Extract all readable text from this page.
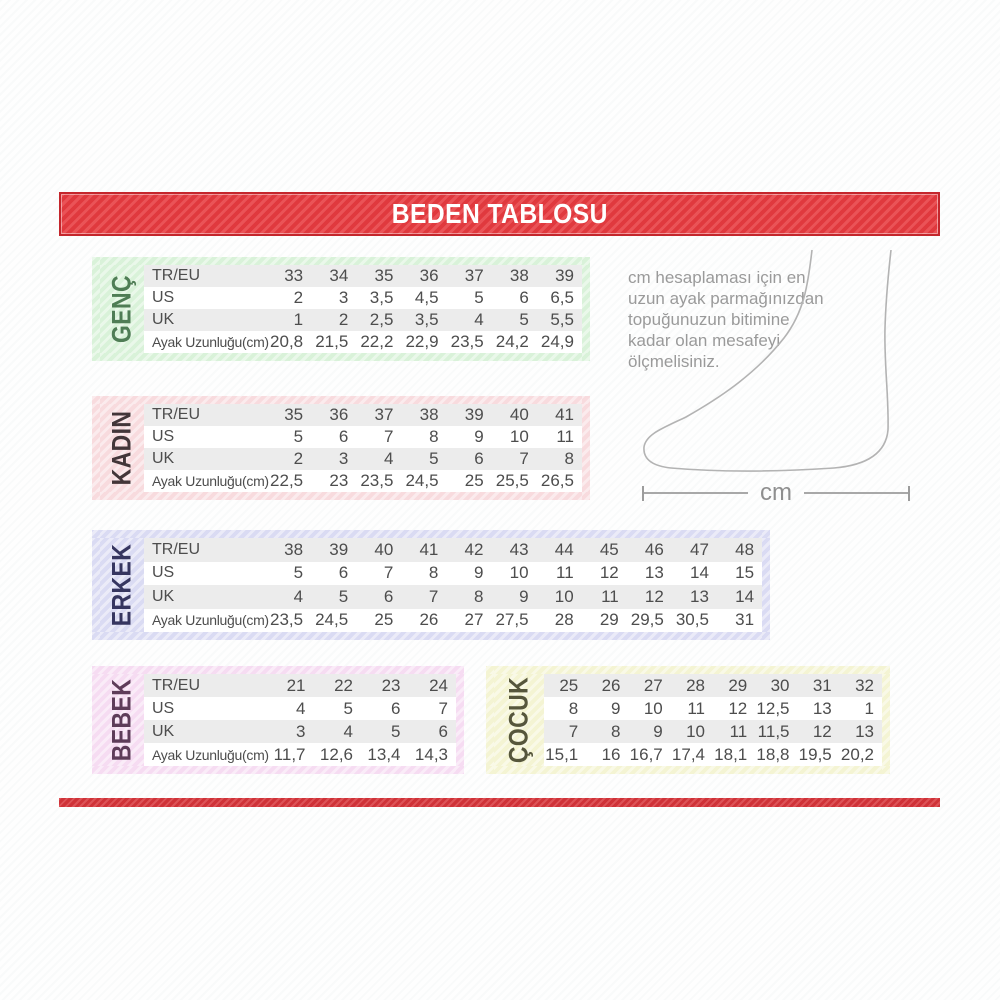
BEDEN TABLOSU
GENÇ TR/EU	33	34	35	36	37	38	39
US	2	3	3,5	4,5	5	6	6,5
UK	1	2	2,5	3,5	4	5	5,5
Ayak Uzunluğu(cm) 20,8 21,5 22,2 22,9 23,5 24,2 24,9
KADIN TR/EU	35	36	37	38	39	40	41
US	5	6	7	8	9	10	11
UK	2	3	4	5	6	7	8
Ayak Uzunluğu(cm) 22,5	23 23,5 24,5	25 25,5 26,5
ERKEK TR/EU	38	39	40	41	42	43	44	45	46	47	48
US	5	6	7	8	9	10	11	12	13	14	15
UK	4	5	6	7	8	9	10	11	12	13	14
Ayak Uzunluğu(cm) 23,5 24,5	25	26	27 27,5	28	29 29,5 30,5	31
BEBEK TR/EU	21	22	23	24
US	4	5	6	7
UK	3	4	5	6
Ayak Uzunluğu(cm) 11,7 12,6 13,4 14,3 ÇOCUK	25	26	27	28	29	30	31	32
8	9	10	11	12 12,5	13	1
7	8	9	10	11 11,5	12	13
15,1	16 16,7 17,4 18,1 18,8 19,5 20,2
cm hesaplaması için en uzun ayak parmağınızdan topuğunuzun bitimine kadar olan mesafeyi ölçmelisiniz.
cm
